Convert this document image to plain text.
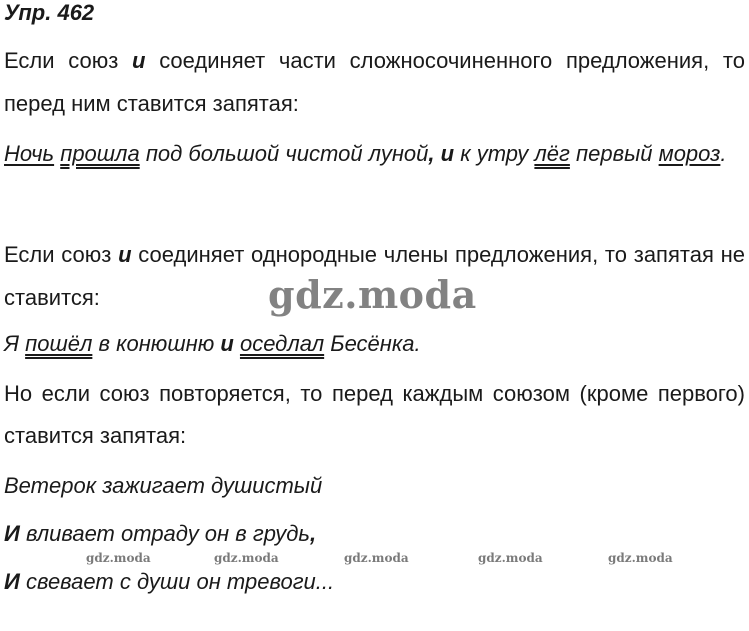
Упр. 462
Если союз и соединяет части сложносочиненного предложения, то
перед ним ставится запятая:
Ночь прошла под большой чистой луной, и к утру лёг первый мороз.
Если союз и соединяет однородные члены предложения, то запятая не
ставится:
Я пошёл в конюшню и оседлал Бесёнка.
Но если союз повторяется, то перед каждым союзом (кроме первого)
ставится запятая:
Ветерок зажигает душистый
И вливает отраду он в грудь,
И свевает с души он тревоги...
gdz.moda
gdz.moda	gdz.moda	gdz.moda	gdz.moda	gdz.moda
